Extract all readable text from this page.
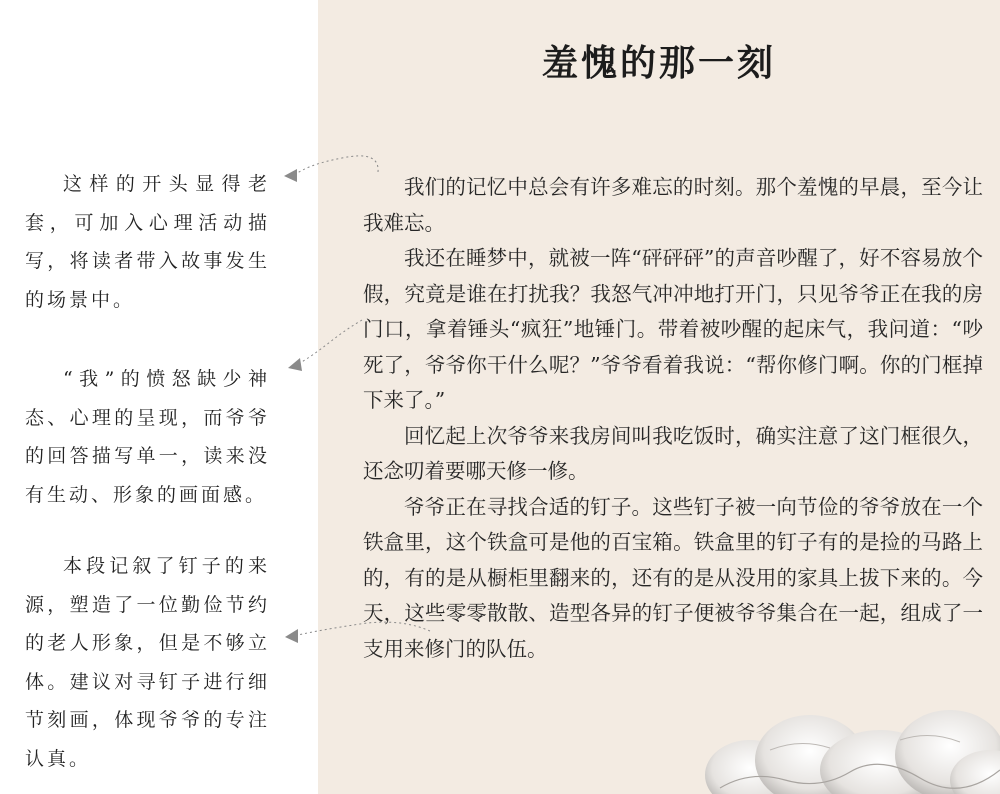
羞愧的那一刻

我们的记忆中总会有许多难忘的时刻。那个羞愧的早晨，至今让我难忘。

我还在睡梦中，就被一阵“砰砰砰”的声音吵醒了，好不容易放个假，究竟是谁在打扰我？我怒气冲冲地打开门，只见爷爷正在我的房门口，拿着锤头“疯狂”地锤门。带着被吵醒的起床气，我问道：“吵死了，爷爷你干什么呢？”爷爷看着我说：“帮你修门啊。你的门框掉下来了。”

回忆起上次爷爷来我房间叫我吃饭时，确实注意了这门框很久，还念叨着要哪天修一修。

爷爷正在寻找合适的钉子。这些钉子被一向节俭的爷爷放在一个铁盒里，这个铁盒可是他的百宝箱。铁盒里的钉子有的是捡的马路上的，有的是从橱柜里翻来的，还有的是从没用的家具上拔下来的。今天，这些零零散散、造型各异的钉子便被爷爷集合在一起，组成了一支用来修门的队伍。

这样的开头显得老套，可加入心理活动描写，将读者带入故事发生的场景中。

“我”的愤怒缺少神态、心理的呈现，而爷爷的回答描写单一，读来没有生动、形象的画面感。

本段记叙了钉子的来源，塑造了一位勤俭节约的老人形象，但是不够立体。建议对寻钉子进行细节刻画，体现爷爷的专注认真。
